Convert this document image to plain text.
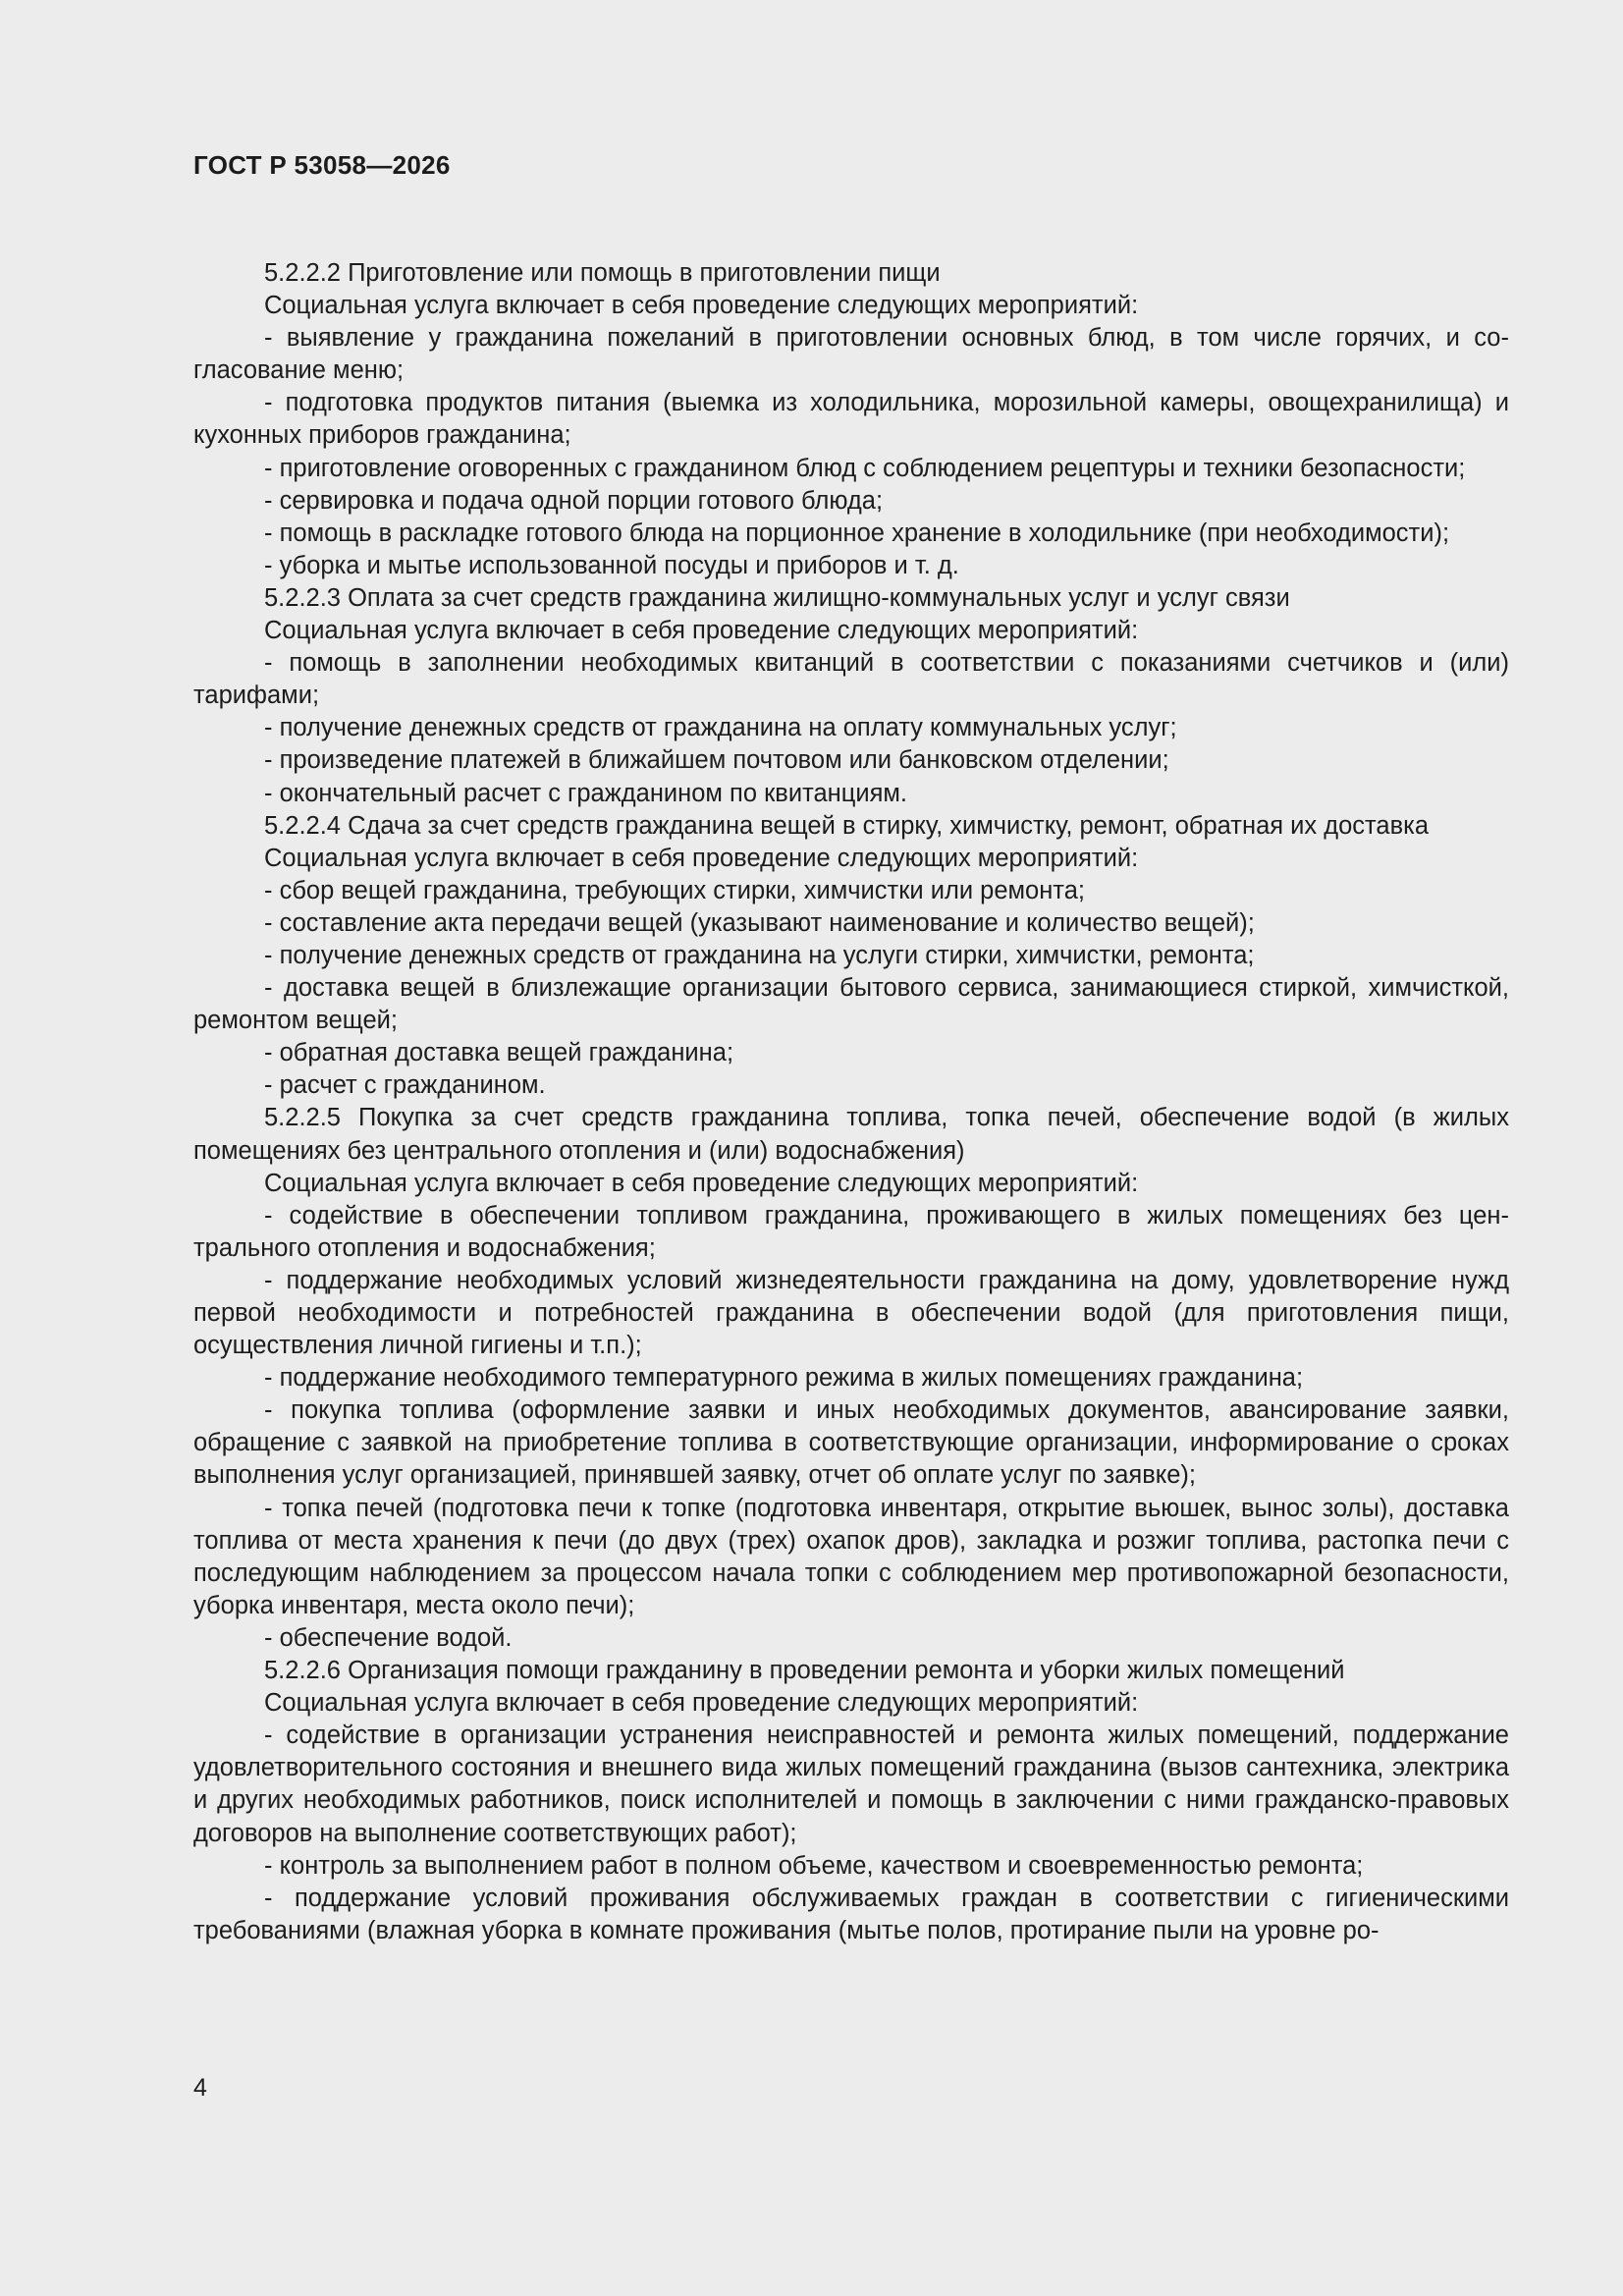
ГОСТ Р 53058—2026

5.2.2.2 Приготовление или помощь в приготовлении пищи

Социальная услуга включает в себя проведение следующих мероприятий:

- выявление у гражданина пожеланий в приготовлении основных блюд, в том числе горячих, и согласование меню;

- подготовка продуктов питания (выемка из холодильника, морозильной камеры, овощехранилища) и кухонных приборов гражданина;

- приготовление оговоренных с гражданином блюд с соблюдением рецептуры и техники безопасности;

- сервировка и подача одной порции готового блюда;

- помощь в раскладке готового блюда на порционное хранение в холодильнике (при необходимости);

- уборка и мытье использованной посуды и приборов и т. д.

5.2.2.3 Оплата за счет средств гражданина жилищно-коммунальных услуг и услуг связи

Социальная услуга включает в себя проведение следующих мероприятий:

- помощь в заполнении необходимых квитанций в соответствии с показаниями счетчиков и (или) тарифами;

- получение денежных средств от гражданина на оплату коммунальных услуг;

- произведение платежей в ближайшем почтовом или банковском отделении;

- окончательный расчет с гражданином по квитанциям.

5.2.2.4 Сдача за счет средств гражданина вещей в стирку, химчистку, ремонт, обратная их доставка

Социальная услуга включает в себя проведение следующих мероприятий:

- сбор вещей гражданина, требующих стирки, химчистки или ремонта;

- составление акта передачи вещей (указывают наименование и количество вещей);

- получение денежных средств от гражданина на услуги стирки, химчистки, ремонта;

- доставка вещей в близлежащие организации бытового сервиса, занимающиеся стиркой, химчисткой, ремонтом вещей;

- обратная доставка вещей гражданина;

- расчет с гражданином.

5.2.2.5 Покупка за счет средств гражданина топлива, топка печей, обеспечение водой (в жилых помещениях без центрального отопления и (или) водоснабжения)

Социальная услуга включает в себя проведение следующих мероприятий:

- содействие в обеспечении топливом гражданина, проживающего в жилых помещениях без центрального отопления и водоснабжения;

- поддержание необходимых условий жизнедеятельности гражданина на дому, удовлетворение нужд первой необходимости и потребностей гражданина в обеспечении водой (для приготовления пищи, осуществления личной гигиены и т.п.);

- поддержание необходимого температурного режима в жилых помещениях гражданина;

- покупка топлива (оформление заявки и иных необходимых документов, авансирование заявки, обращение с заявкой на приобретение топлива в соответствующие организации, информирование о сроках выполнения услуг организацией, принявшей заявку, отчет об оплате услуг по заявке);

- топка печей (подготовка печи к топке (подготовка инвентаря, открытие вьюшек, вынос золы), доставка топлива от места хранения к печи (до двух (трех) охапок дров), закладка и розжиг топлива, растопка печи с последующим наблюдением за процессом начала топки с соблюдением мер противопожарной безопасности, уборка инвентаря, места около печи);

- обеспечение водой.

5.2.2.6 Организация помощи гражданину в проведении ремонта и уборки жилых помещений

Социальная услуга включает в себя проведение следующих мероприятий:

- содействие в организации устранения неисправностей и ремонта жилых помещений, поддержание удовлетворительного состояния и внешнего вида жилых помещений гражданина (вызов сантехника, электрика и других необходимых работников, поиск исполнителей и помощь в заключении с ними гражданско-правовых договоров на выполнение соответствующих работ);

- контроль за выполнением работ в полном объеме, качеством и своевременностью ремонта;

- поддержание условий проживания обслуживаемых граждан в соответствии с гигиеническими требованиями (влажная уборка в комнате проживания (мытье полов, протирание пыли на уровне ро-

4
